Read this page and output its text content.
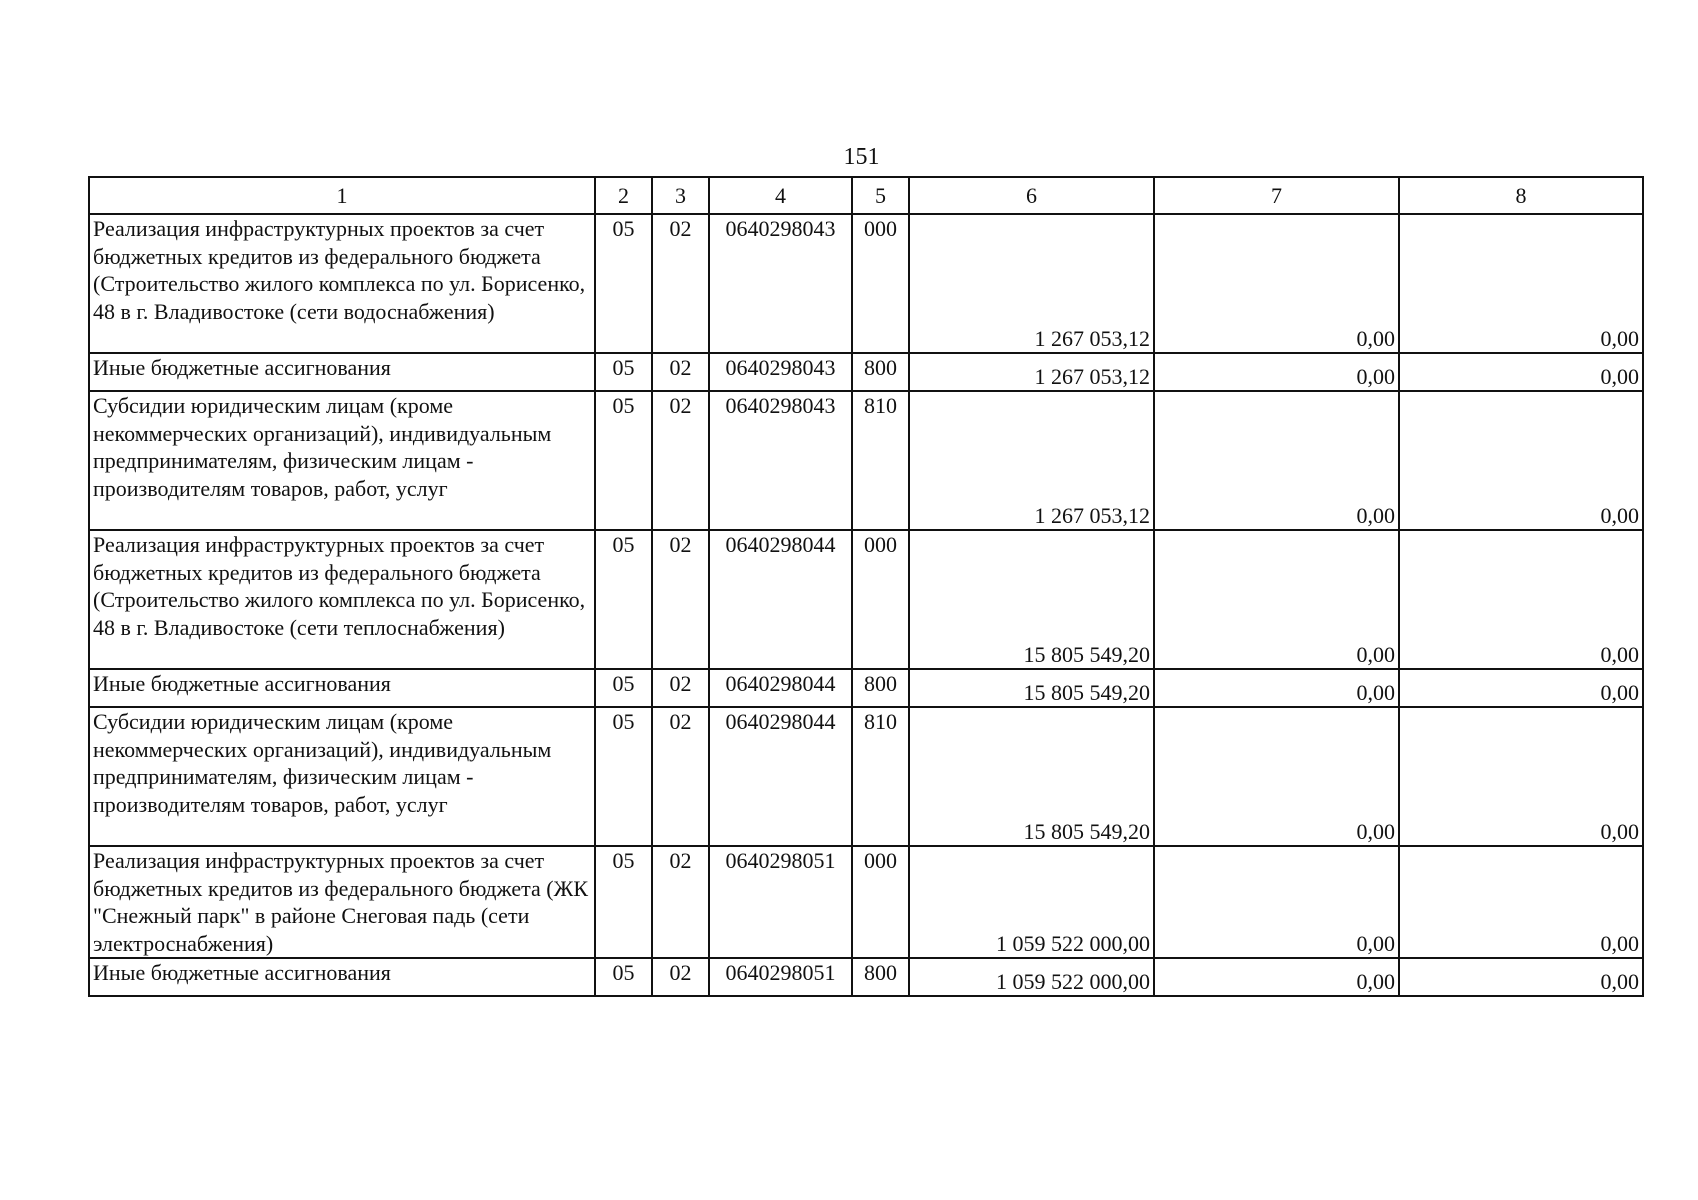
151
1	2	3	4	5	6	7	8
Реализация инфраструктурных проектов за счет бюджетных кредитов из федерального бюджета (Строительство жилого комплекса по ул. Борисенко, 48 в г. Владивостоке (сети водоснабжения)	05	02	0640298043	000	1 267 053,12	0,00	0,00
Иные бюджетные ассигнования	05	02	0640298043	800	1 267 053,12	0,00	0,00
Субсидии юридическим лицам (кроме некоммерческих организаций), индивидуальным предпринимателям, физическим лицам - производителям товаров, работ, услуг	05	02	0640298043	810	1 267 053,12	0,00	0,00
Реализация инфраструктурных проектов за счет бюджетных кредитов из федерального бюджета (Строительство жилого комплекса по ул. Борисенко, 48 в г. Владивостоке (сети теплоснабжения)	05	02	0640298044	000	15 805 549,20	0,00	0,00
Иные бюджетные ассигнования	05	02	0640298044	800	15 805 549,20	0,00	0,00
Субсидии юридическим лицам (кроме некоммерческих организаций), индивидуальным предпринимателям, физическим лицам - производителям товаров, работ, услуг	05	02	0640298044	810	15 805 549,20	0,00	0,00
Реализация инфраструктурных проектов за счет бюджетных кредитов из федерального бюджета (ЖК "Снежный парк" в районе Снеговая падь (сети электроснабжения)	05	02	0640298051	000	1 059 522 000,00	0,00	0,00
Иные бюджетные ассигнования	05	02	0640298051	800	1 059 522 000,00	0,00	0,00
